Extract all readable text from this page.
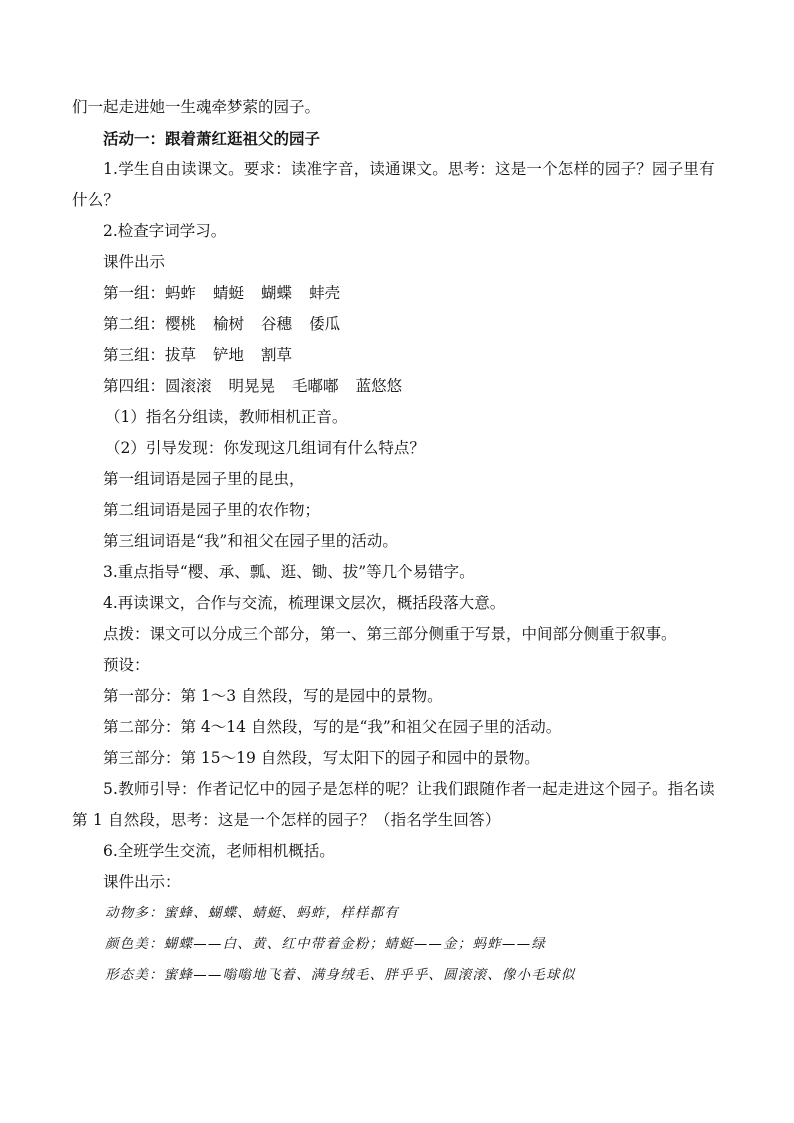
们一起走进她一生魂牵梦萦的园子。
活动一：跟着萧红逛祖父的园子
1.学生自由读课文。要求：读准字音，读通课文。思考：这是一个怎样的园子？园子里有什么？
2.检查字词学习。
课件出示
第一组：蚂蚱 蜻蜓 蝴蝶 蚌壳
第二组：樱桃 榆树 谷穗 倭瓜
第三组：拔草 铲地 割草
第四组：圆滚滚 明晃晃 毛嘟嘟 蓝悠悠
（1）指名分组读，教师相机正音。
（2）引导发现：你发现这几组词有什么特点？
第一组词语是园子里的昆虫，
第二组词语是园子里的农作物；
第三组词语是“我”和祖父在园子里的活动。
3.重点指导“樱、承、瓢、逛、锄、拔”等几个易错字。
4.再读课文，合作与交流，梳理课文层次，概括段落大意。
点拨：课文可以分成三个部分，第一、第三部分侧重于写景，中间部分侧重于叙事。
预设：
第一部分：第 1～3 自然段，写的是园中的景物。
第二部分：第 4～14 自然段，写的是“我”和祖父在园子里的活动。
第三部分：第 15～19 自然段，写太阳下的园子和园中的景物。
5.教师引导：作者记忆中的园子是怎样的呢？让我们跟随作者一起走进这个园子。指名读第 1 自然段，思考：这是一个怎样的园子？（指名学生回答）
6.全班学生交流，老师相机概括。
课件出示：
动物多：蜜蜂、蝴蝶、蜻蜓、蚂蚱，样样都有
颜色美：蝴蝶——白、黄、红中带着金粉；蜻蜓——金；蚂蚱——绿
形态美：蜜蜂——嗡嗡地飞着、满身绒毛、胖乎乎、圆滚滚、像小毛球似
